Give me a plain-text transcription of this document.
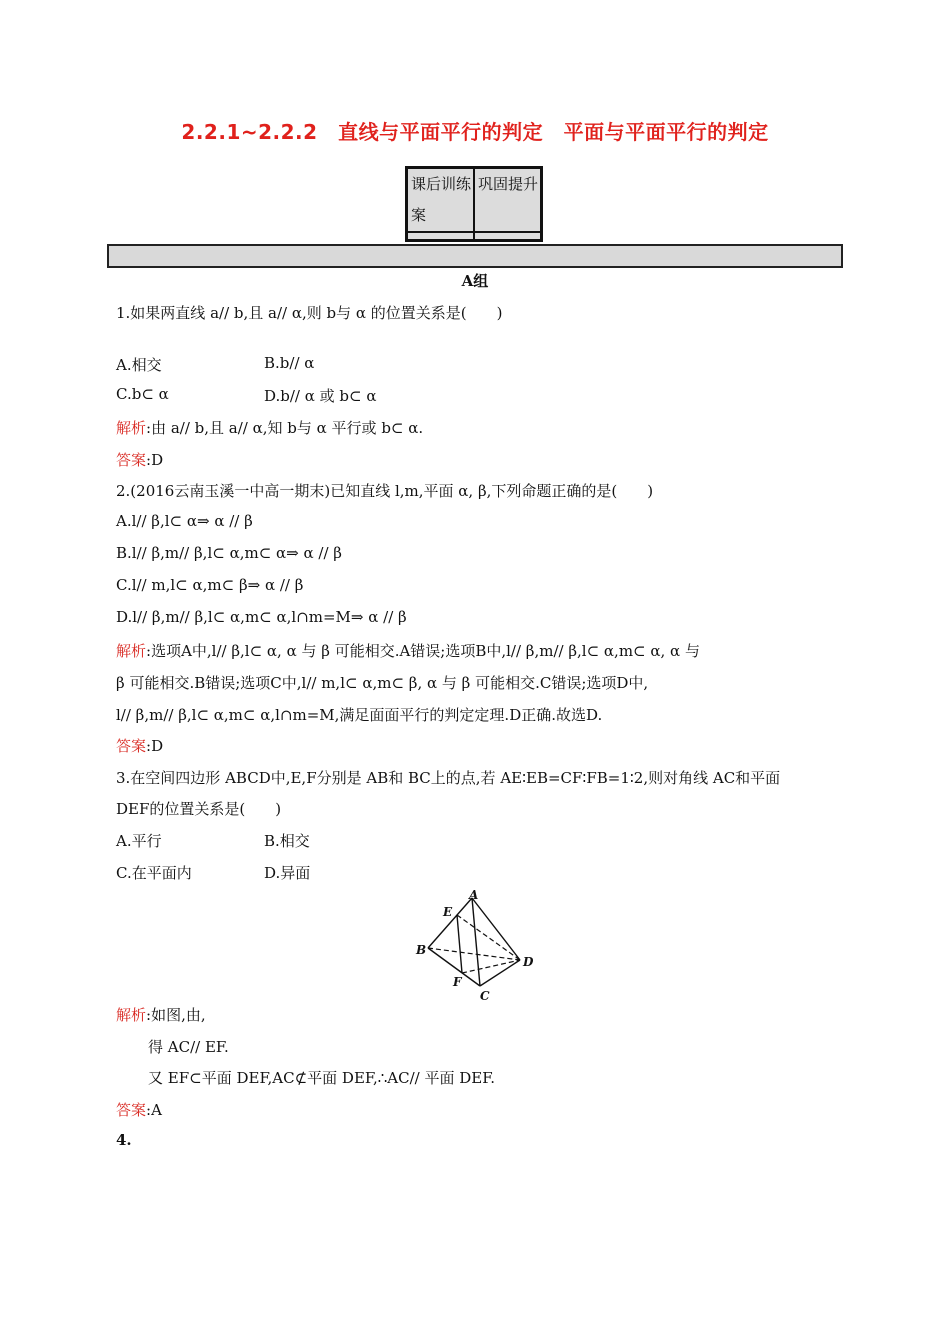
2.2.1~2.2.2　直线与平面平行的判定　平面与平面平行的判定
课后训练案
巩固提升
A组
1.如果两直线 a// b,且 a// α,则 b与 α 的位置关系是(　　)
A.相交	B.b// α
C.b⊂ α	D.b// α 或 b⊂ α
解析:由 a// b,且 a// α,知 b与 α 平行或 b⊂ α.
答案:D
2.(2016云南玉溪一中高一期末)已知直线 l,m,平面 α, β,下列命题正确的是(　　)
A.l// β,l⊂ α⇒ α // β
B.l// β,m// β,l⊂ α,m⊂ α⇒ α // β
C.l// m,l⊂ α,m⊂ β⇒ α // β
D.l// β,m// β,l⊂ α,m⊂ α,l∩m=M⇒ α // β
解析:选项A中,l// β,l⊂ α, α 与 β 可能相交.A错误;选项B中,l// β,m// β,l⊂ α,m⊂ α, α 与
β 可能相交.B错误;选项C中,l// m,l⊂ α,m⊂ β, α 与 β 可能相交.C错误;选项D中,
l// β,m// β,l⊂ α,m⊂ α,l∩m=M,满足面面平行的判定定理.D正确.故选D.
答案:D
3.在空间四边形 ABCD中,E,F分别是 AB和 BC上的点,若 AE∶EB=CF∶FB=1∶2,则对角线 AC和平面
DEF的位置关系是(　　)
A.平行	B.相交
C.在平面内	D.异面
A
E
B
F
C
D
解析:如图,由,
得 AC// EF.
又 EF⊂平面 DEF,AC⊄平面 DEF,∴AC// 平面 DEF.
答案:A
4.
